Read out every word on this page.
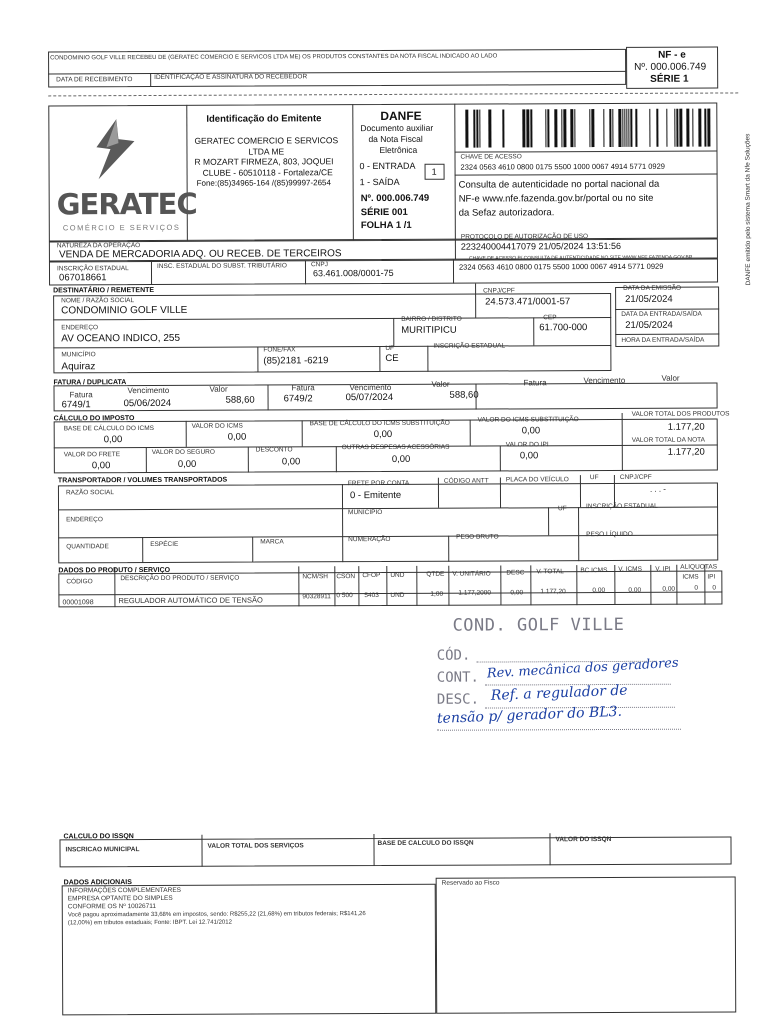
CONDOMINIO GOLF VILLE RECEBEU DE (GERATEC COMERCIO E SERVICOS LTDA ME) OS PRODUTOS CONSTANTES DA NOTA FISCAL INDICADO AO LADO
DATA DE RECEBIMENTO	IDENTIFICAÇÃO E ASSINATURA DO RECEBEDOR
NF - e
Nº. 000.006.749
SÉRIE 1
GERATEC
COMÉRCIO E SERVIÇOS
Identificação do Emitente
GERATEC COMERCIO E SERVICOS
LTDA ME
R MOZART FIRMEZA, 803, JOQUEI
CLUBE - 60510118 - Fortaleza/CE
Fone:(85)34965-164 /(85)99997-2654
DANFE
Documento auxiliar
da Nota Fiscal
Eletrônica
0 - ENTRADA
1 - SAÍDA
1
Nº. 000.006.749
SÉRIE 001
FOLHA 1 /1
CHAVE DE ACESSO
2324 0563 4610 0800 0175 5500 1000 0067 4914 5771 0929
Consulta de autenticidade no portal nacional da
NF-e www.nfe.fazenda.gov.br/portal ou no site
da Sefaz autorizadora.	DANFE emitido pelo sistema Smart da Nfe Soluções
NATUREZA DA OPERAÇÃO
VENDA DE MERCADORIA ADQ. OU RECEB. DE TERCEIROS
PROTOCOLO DE AUTORIZAÇÃO DE USO
223240004417079 21/05/2024 13:51:56
INSCRIÇÃO ESTADUAL
067018661
INSC. ESTADUAL DO SUBST. TRIBUTÁRIO	CNPJ
63.461.008/0001-75
CHAVE DE ACESSO P/ CONSULTA DE AUTENTICIDADE NO SITE WWW.NFE.FAZENDA.GOV.BR
2324 0563 4610 0800 0175 5500 1000 0067 4914 5771 0929
DESTINATÁRIO / REMETENTE
NOME / RAZÃO SOCIAL
CONDOMINIO GOLF VILLE
CNPJ/CPF
24.573.471/0001-57
ENDEREÇO
AV OCEANO INDICO, 255
BAIRRO / DISTRITO
MURITIPICU
CEP
61.700-000
MUNICÍPIO
Aquiraz
FONE/FAX
(85)2181 -6219
UF
CE
INSCRIÇÃO ESTADUAL
DATA DA EMISSÃO
21/05/2024
DATA DA ENTRADA/SAÍDA
21/05/2024
HORA DA ENTRADA/SAÍDA
FATURA / DUPLICATA
Fatura	Vencimento	Valor
6749/1	05/06/2024	588,60
Fatura	Vencimento	Valor
6749/2	05/07/2024	588,60
Fatura	Vencimento	Valor
CÁLCULO DO IMPOSTO
BASE DE CÁLCULO DO ICMS
0,00
VALOR DO ICMS
0,00
BASE DE CÁLCULO DO ICMS SUBSTITUIÇÃO
0,00
VALOR DO ICMS SUBSTITUIÇÃO
0,00
VALOR TOTAL DOS PRODUTOS
1.177,20
VALOR DO FRETE
0,00
VALOR DO SEGURO
0,00
DESCONTO
0,00
OUTRAS DESPESAS ACESSÓRIAS
0,00
VALOR DO IPI
0,00
VALOR TOTAL DA NOTA
1.177,20
TRANSPORTADOR / VOLUMES TRANSPORTADOS
RAZÃO SOCIAL
FRETE POR CONTA
0 - Emitente
CÓDIGO ANTT	PLACA DO VEÍCULO	UF	CNPJ/CPF
. . . -
ENDEREÇO
MUNICÍPIO
UF	INSCRIÇÃO ESTADUAL
QUANTIDADE	ESPÉCIE	MARCA	NUMERAÇÃO	PESO BRUTO	PESO LÍQUIDO
DADOS DO PRODUTO / SERVIÇO
CÓDIGO	DESCRIÇÃO DO PRODUTO / SERVIÇO	NCM/SH CSON CFOP UND	QTDE V. UNITÁRIO DESC V. TOTAL	BC ICMS V. ICMS V. IPI ALIQUOTAS
ICMS IPI
00001098	REGULADOR AUTOMÁTICO DE TENSÃO	90328911 0 500 5403 UND	1,00 1.177,2000	0,00	1.177,20	0,00	0,00	0,00	0 0
COND. GOLF VILLE
CÓD.
CONT. Rev. mecânica dos geradores
DESC. Ref. a regulador de
tensão p/ gerador do BL3.
CALCULO DO ISSQN
INSCRICAO MUNICIPAL	VALOR TOTAL DOS SERVIÇOS	BASE DE CALCULO DO ISSQN	VALOR DO ISSQN
DADOS ADICIONAIS
INFORMAÇÕES COMPLEMENTARES
EMPRESA OPTANTE DO SIMPLES
CONFORME OS Nº 10026711
Você pagou aproximadamente 33,68% em impostos, sendo: R$255,22 (21,68%) em tributos federais; R$141,26
(12,00%) em tributos estaduais; Fonte: IBPT. Lei 12.741/2012
Reservado ao Fisco
